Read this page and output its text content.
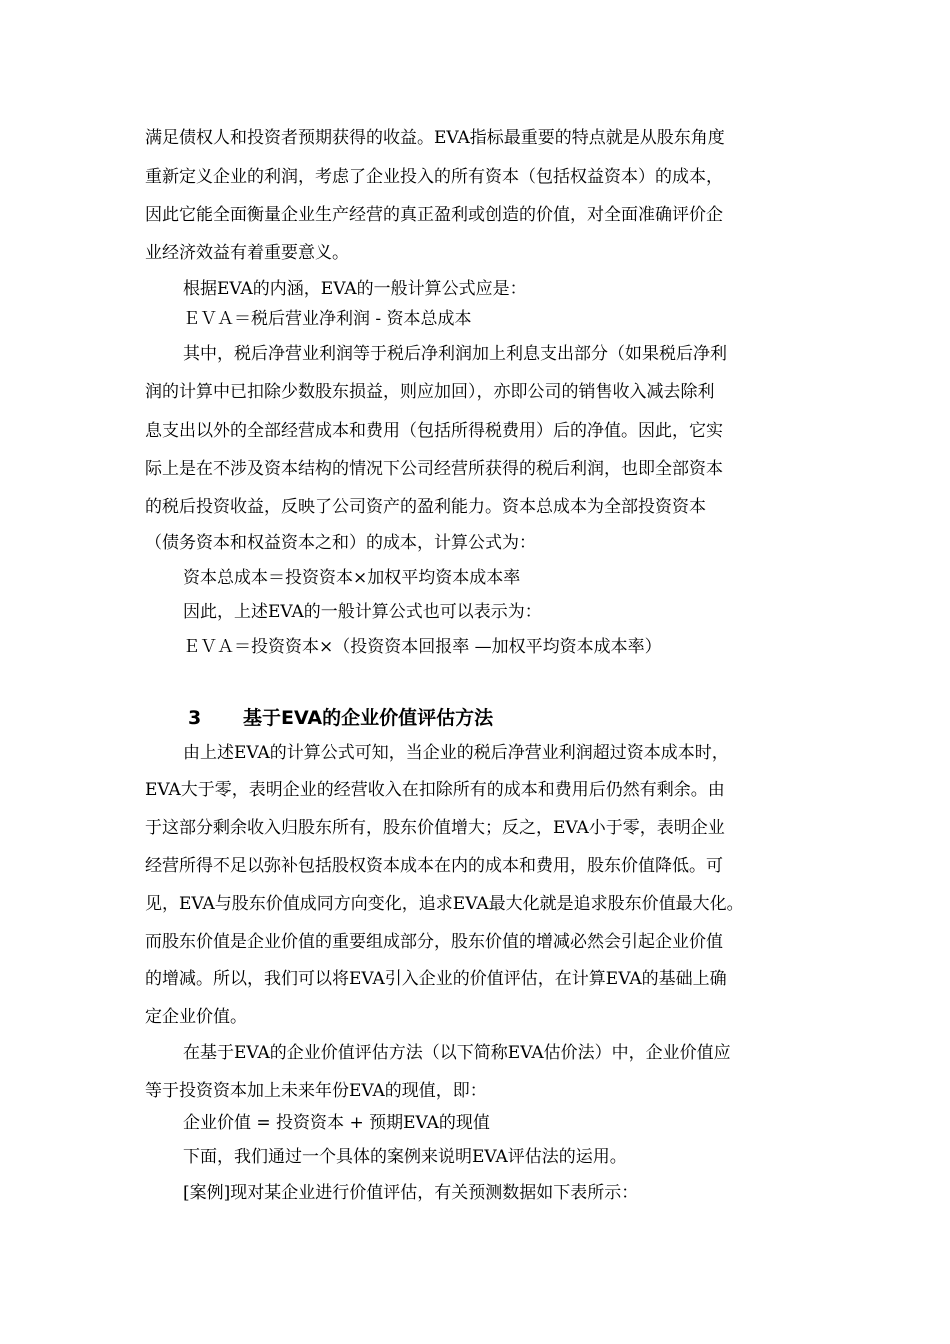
满足债权人和投资者预期获得的收益。EVA指标最重要的特点就是从股东角度
重新定义企业的利润，考虑了企业投入的所有资本（包括权益资本）的成本，
因此它能全面衡量企业生产经营的真正盈利或创造的价值，对全面准确评价企
业经济效益有着重要意义。
根据EVA的内涵，EVA的一般计算公式应是：
ＥＶＡ＝税后营业净利润 - 资本总成本
其中，税后净营业利润等于税后净利润加上利息支出部分（如果税后净利
润的计算中已扣除少数股东损益，则应加回），亦即公司的销售收入减去除利
息支出以外的全部经营成本和费用（包括所得税费用）后的净值。因此，它实
际上是在不涉及资本结构的情况下公司经营所获得的税后利润，也即全部资本
的税后投资收益，反映了公司资产的盈利能力。资本总成本为全部投资资本
（债务资本和权益资本之和）的成本，计算公式为：
资本总成本＝投资资本×加权平均资本成本率
因此，上述EVA的一般计算公式也可以表示为：
ＥＶＡ＝投资资本×（投资资本回报率 —加权平均资本成本率）
3 基于EVA的企业价值评估方法
由上述EVA的计算公式可知，当企业的税后净营业利润超过资本成本时，
EVA大于零，表明企业的经营收入在扣除所有的成本和费用后仍然有剩余。由
于这部分剩余收入归股东所有，股东价值增大；反之，EVA小于零，表明企业
经营所得不足以弥补包括股权资本成本在内的成本和费用，股东价值降低。可
见，EVA与股东价值成同方向变化，追求EVA最大化就是追求股东价值最大化。
而股东价值是企业价值的重要组成部分，股东价值的增减必然会引起企业价值
的增减。所以，我们可以将EVA引入企业的价值评估，在计算EVA的基础上确
定企业价值。
在基于EVA的企业价值评估方法（以下简称EVA估价法）中，企业价值应
等于投资资本加上未来年份EVA的现值，即：
企业价值 = 投资资本 + 预期EVA的现值
下面，我们通过一个具体的案例来说明EVA评估法的运用。
[案例]现对某企业进行价值评估，有关预测数据如下表所示：
